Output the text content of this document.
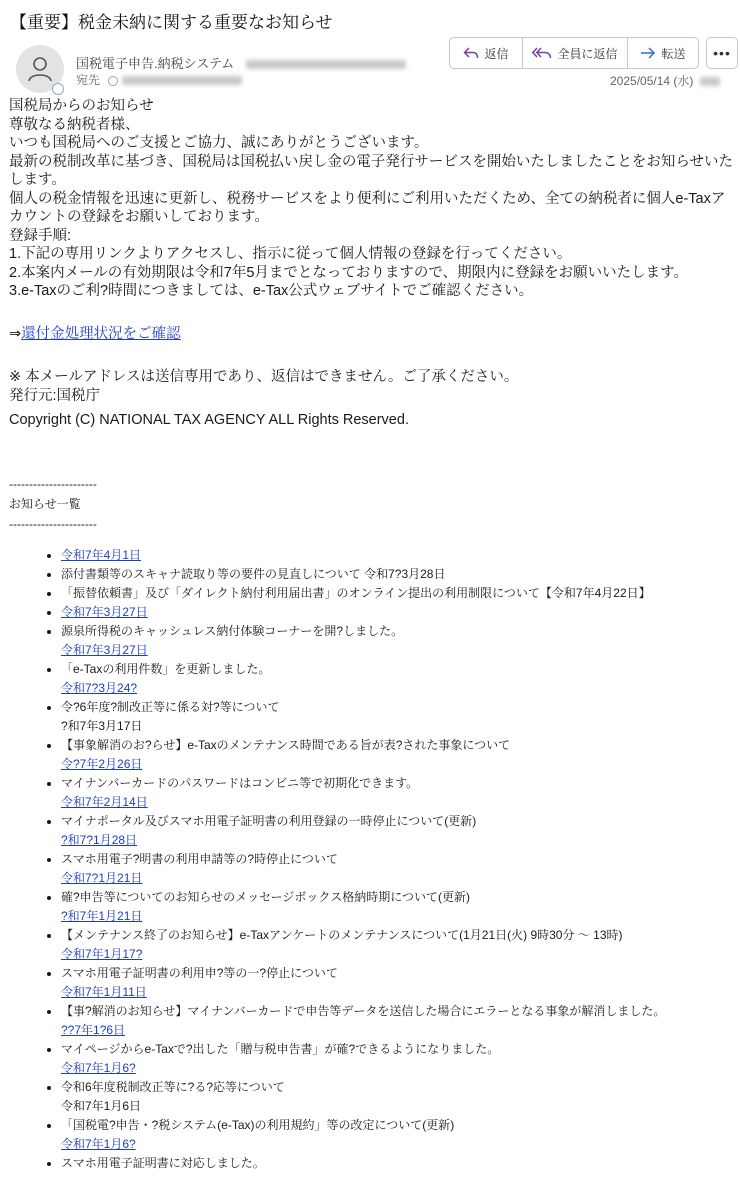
【重要】税金未納に関する重要なお知らせ
国税電子申告.納税システム
宛先
返信	全員に返信	転送	•••
2025/05/14 (水)

国税局からのお知らせ

尊敬なる納税者様、

いつも国税局へのご支援とご協力、誠にありがとうございます。

最新の税制改革に基づき、国税局は国税払い戻し金の電子発行サービスを開始いたしましたことをお知らせいたします。

個人の税金情報を迅速に更新し、税務サービスをより便利にご利用いただくため、全ての納税者に個人e-Taxアカウントの登録をお願いしております。

登録手順:

1.下記の専用リンクよりアクセスし、指示に従って個人情報の登録を行ってください。

2.本案内メールの有効期限は令和7年5月までとなっておりますので、期限内に登録をお願いいたします。

3.e-Taxのご利?時間につきましては、e-Tax公式ウェブサイトでご確認ください。

⇒還付金処理状況をご確認

※ 本メールアドレスは送信専用であり、返信はできません。ご了承ください。

発行元:国税庁

Copyright (C) NATIONAL TAX AGENCY ALL Rights Reserved.

----------------------
お知らせ一覧
----------------------
• 令和7年4月1日
• 添付書類等のスキャナ読取り等の要件の見直しについて 令和7?3月28日
• 「振替依頼書」及び「ダイレクト納付利用届出書」のオンライン提出の利用制限について【令和7年4月22日】
• 令和7年3月27日
• 源泉所得税のキャッシュレス納付体験コーナーを開?しました。
令和7年3月27日
• 「e-Taxの利用件数」を更新しました。
令和7?3月24?
• 令?6年度?制改正等に係る対?等について
?和7年3月17日
• 【事象解消のお?らせ】e-Taxのメンテナンス時間である旨が表?された事象について
令?7年2月26日
• マイナンバーカードのパスワードはコンビニ等で初期化できます。
令和7年2月14日
• マイナポータル及びスマホ用電子証明書の利用登録の一時停止について(更新)
?和7?1月28日
• スマホ用電子?明書の利用申請等の?時停止について
令和7?1月21日
• 確?申告等についてのお知らせのメッセージボックス格納時期について(更新)
?和7年1月21日
• 【メンテナンス終了のお知らせ】e-Taxアンケートのメンテナンスについて(1月21日(火) 9時30分 〜 13時)
令和7年1月17?
• スマホ用電子証明書の利用申?等の一?停止について
令和7年1月11日
• 【事?解消のお知らせ】マイナンバーカードで申告等データを送信した場合にエラーとなる事象が解消しました。
??7年1?6日
• マイページからe-Taxで?出した「贈与税申告書」が確?できるようになりました。
令和7年1月6?
• 令和6年度税制改正等に?る?応等について
令和7年1月6日
• 「国税電?申告・?税システム(e-Tax)の利用規約」等の改定について(更新)
令和7年1月6?
• スマホ用電子証明書に対応しました。
